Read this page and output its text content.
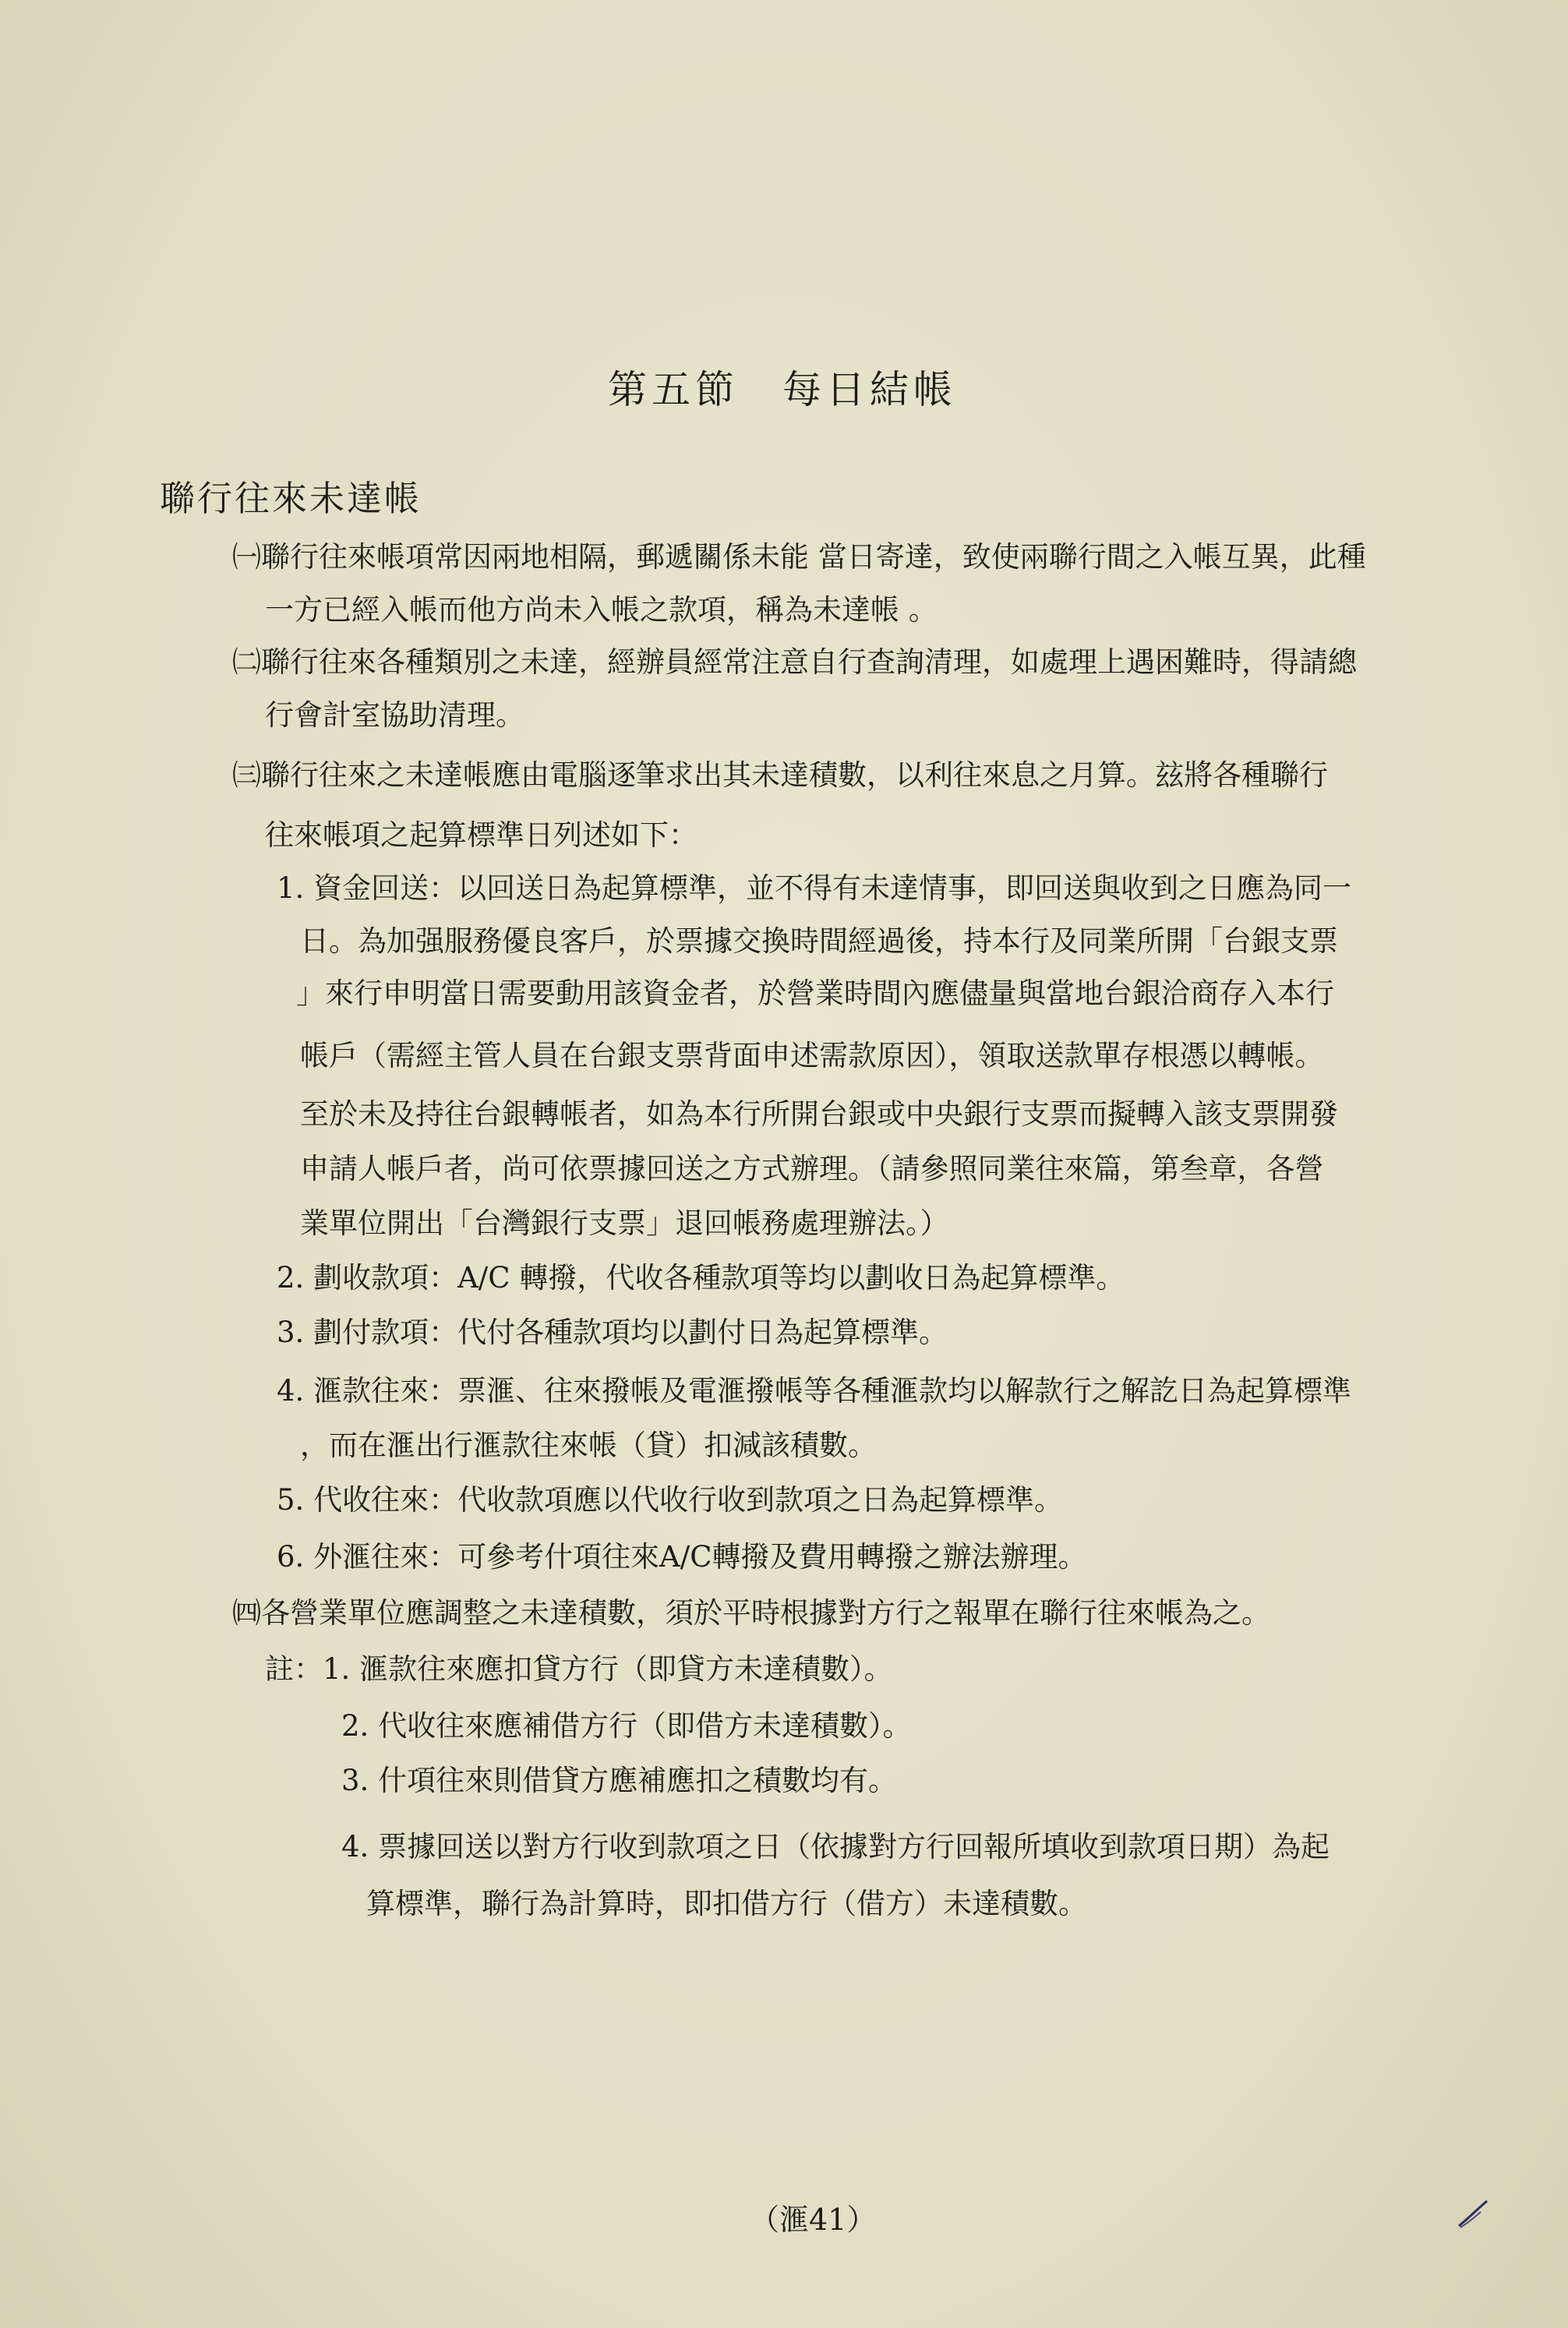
第五節　每日結帳
聯行往來未達帳
㈠聯行往來帳項常因兩地相隔，郵遞關係未能 當日寄達，致使兩聯行間之入帳互異，此種
一方已經入帳而他方尚未入帳之款項，稱為未達帳 。
㈡聯行往來各種類別之未達，經辦員經常注意自行查詢清理，如處理上遇困難時，得請總
行會計室協助清理。
㈢聯行往來之未達帳應由電腦逐筆求出其未達積數，以利往來息之月算。玆將各種聯行
往來帳項之起算標準日列述如下：
1. 資金回送：以回送日為起算標準，並不得有未達情事，即回送與收到之日應為同一
日。為加强服務優良客戶，於票據交換時間經過後，持本行及同業所開「台銀支票
」來行申明當日需要動用該資金者，於營業時間內應儘量與當地台銀洽商存入本行
帳戶（需經主管人員在台銀支票背面申述需款原因），領取送款單存根憑以轉帳。
至於未及持往台銀轉帳者，如為本行所開台銀或中央銀行支票而擬轉入該支票開發
申請人帳戶者，尚可依票據回送之方式辦理。（請參照同業往來篇，第叁章，各營
業單位開出「台灣銀行支票」退回帳務處理辦法。）
2. 劃收款項：A/C 轉撥，代收各種款項等均以劃收日為起算標準。
3. 劃付款項：代付各種款項均以劃付日為起算標準。
4. 滙款往來：票滙、往來撥帳及電滙撥帳等各種滙款均以解款行之解訖日為起算標準
，而在滙出行滙款往來帳（貸）扣減該積數。
5. 代收往來：代收款項應以代收行收到款項之日為起算標準。
6. 外滙往來：可參考什項往來A/C轉撥及費用轉撥之辦法辦理。
㈣各營業單位應調整之未達積數，須於平時根據對方行之報單在聯行往來帳為之。
註：1. 滙款往來應扣貸方行（即貸方未達積數）。
2. 代收往來應補借方行（即借方未達積數）。
3. 什項往來則借貸方應補應扣之積數均有。
4. 票據回送以對方行收到款項之日（依據對方行回報所填收到款項日期）為起
算標準，聯行為計算時，即扣借方行（借方）未達積數。
（滙41）
